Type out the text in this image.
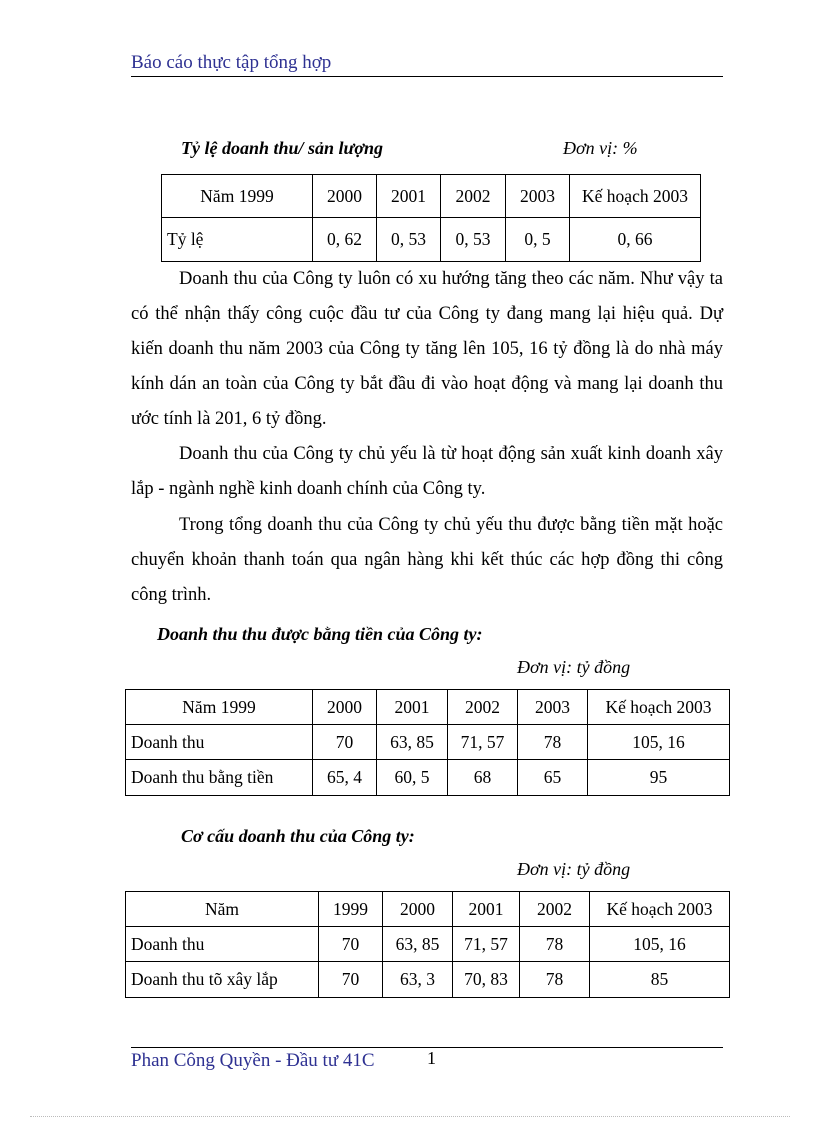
Báo cáo thực tập tổng hợp
Tỷ lệ doanh thu/ sản lượng	Đơn vị: %
Năm 1999	2000	2001	2002	2003	Kế hoạch 2003
Tỷ lệ	0, 62	0, 53	0, 53	0, 5	0, 66
Doanh thu của Công ty luôn có xu hướng tăng theo các năm. Như vậy ta có thể nhận thấy công cuộc đầu tư của Công ty đang mang lại hiệu quả. Dự kiến doanh thu năm 2003 của Công ty tăng lên 105, 16 tỷ đồng là do nhà máy kính dán an toàn của Công ty bắt đầu đi vào hoạt động và mang lại doanh thu ước tính là 201, 6 tỷ đồng.
Doanh thu của Công ty chủ yếu là từ hoạt động sản xuất kinh doanh xây lắp - ngành nghề kinh doanh chính của Công ty.
Trong tổng doanh thu của Công ty chủ yếu thu được bằng tiền mặt hoặc chuyển khoản thanh toán qua ngân hàng khi kết thúc các hợp đồng thi công công trình.
Doanh thu thu được bằng tiền của Công ty:
Đơn vị: tỷ đồng
Năm 1999	2000	2001	2002	2003	Kế hoạch 2003
Doanh thu	70	63, 85	71, 57	78	105, 16
Doanh thu bằng tiền	65, 4	60, 5	68	65	95
Cơ cấu doanh thu của Công ty:
Đơn vị: tỷ đồng
Năm	1999	2000	2001	2002	Kế hoạch 2003
Doanh thu	70	63, 85	71, 57	78	105, 16
Doanh thu tõ xây lắp	70	63, 3	70, 83	78	85
Phan Công Quyền - Đầu tư 41C	1
